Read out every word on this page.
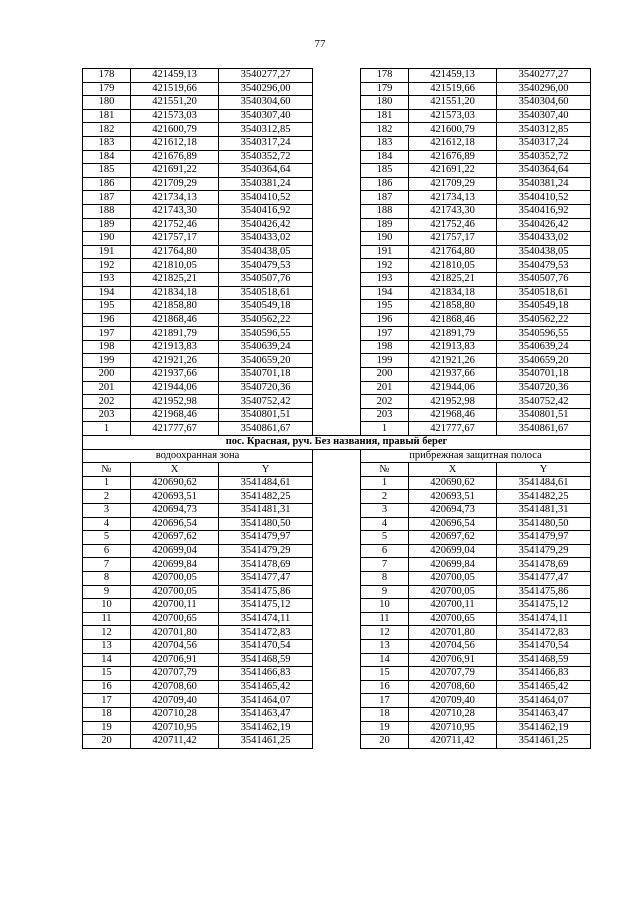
77
178	421459,13	3540277,27		178	421459,13	3540277,27
179	421519,66	3540296,00		179	421519,66	3540296,00
180	421551,20	3540304,60		180	421551,20	3540304,60
181	421573,03	3540307,40		181	421573,03	3540307,40
182	421600,79	3540312,85		182	421600,79	3540312,85
183	421612,18	3540317,24		183	421612,18	3540317,24
184	421676,89	3540352,72		184	421676,89	3540352,72
185	421691,22	3540364,64		185	421691,22	3540364,64
186	421709,29	3540381,24		186	421709,29	3540381,24
187	421734,13	3540410,52		187	421734,13	3540410,52
188	421743,30	3540416,92		188	421743,30	3540416,92
189	421752,46	3540426,42		189	421752,46	3540426,42
190	421757,17	3540433,02		190	421757,17	3540433,02
191	421764,80	3540438,05		191	421764,80	3540438,05
192	421810,05	3540479,53		192	421810,05	3540479,53
193	421825,21	3540507,76		193	421825,21	3540507,76
194	421834,18	3540518,61		194	421834,18	3540518,61
195	421858,80	3540549,18		195	421858,80	3540549,18
196	421868,46	3540562,22		196	421868,46	3540562,22
197	421891,79	3540596,55		197	421891,79	3540596,55
198	421913,83	3540639,24		198	421913,83	3540639,24
199	421921,26	3540659,20		199	421921,26	3540659,20
200	421937,66	3540701,18		200	421937,66	3540701,18
201	421944,06	3540720,36		201	421944,06	3540720,36
202	421952,98	3540752,42		202	421952,98	3540752,42
203	421968,46	3540801,51		203	421968,46	3540801,51
1	421777,67	3540861,67		1	421777,67	3540861,67
пос. Красная, руч. Без названия, правый берег						
водоохранная зона				прибрежная защитная полоса		
№	X	Y		№	X	Y
1	420690,62	3541484,61		1	420690,62	3541484,61
2	420693,51	3541482,25		2	420693,51	3541482,25
3	420694,73	3541481,31		3	420694,73	3541481,31
4	420696,54	3541480,50		4	420696,54	3541480,50
5	420697,62	3541479,97		5	420697,62	3541479,97
6	420699,04	3541479,29		6	420699,04	3541479,29
7	420699,84	3541478,69		7	420699,84	3541478,69
8	420700,05	3541477,47		8	420700,05	3541477,47
9	420700,05	3541475,86		9	420700,05	3541475,86
10	420700,11	3541475,12		10	420700,11	3541475,12
11	420700,65	3541474,11		11	420700,65	3541474,11
12	420701,80	3541472,83		12	420701,80	3541472,83
13	420704,56	3541470,54		13	420704,56	3541470,54
14	420706,91	3541468,59		14	420706,91	3541468,59
15	420707,79	3541466,83		15	420707,79	3541466,83
16	420708,60	3541465,42		16	420708,60	3541465,42
17	420709,40	3541464,07		17	420709,40	3541464,07
18	420710,28	3541463,47		18	420710,28	3541463,47
19	420710,95	3541462,19		19	420710,95	3541462,19
20	420711,42	3541461,25		20	420711,42	3541461,25
